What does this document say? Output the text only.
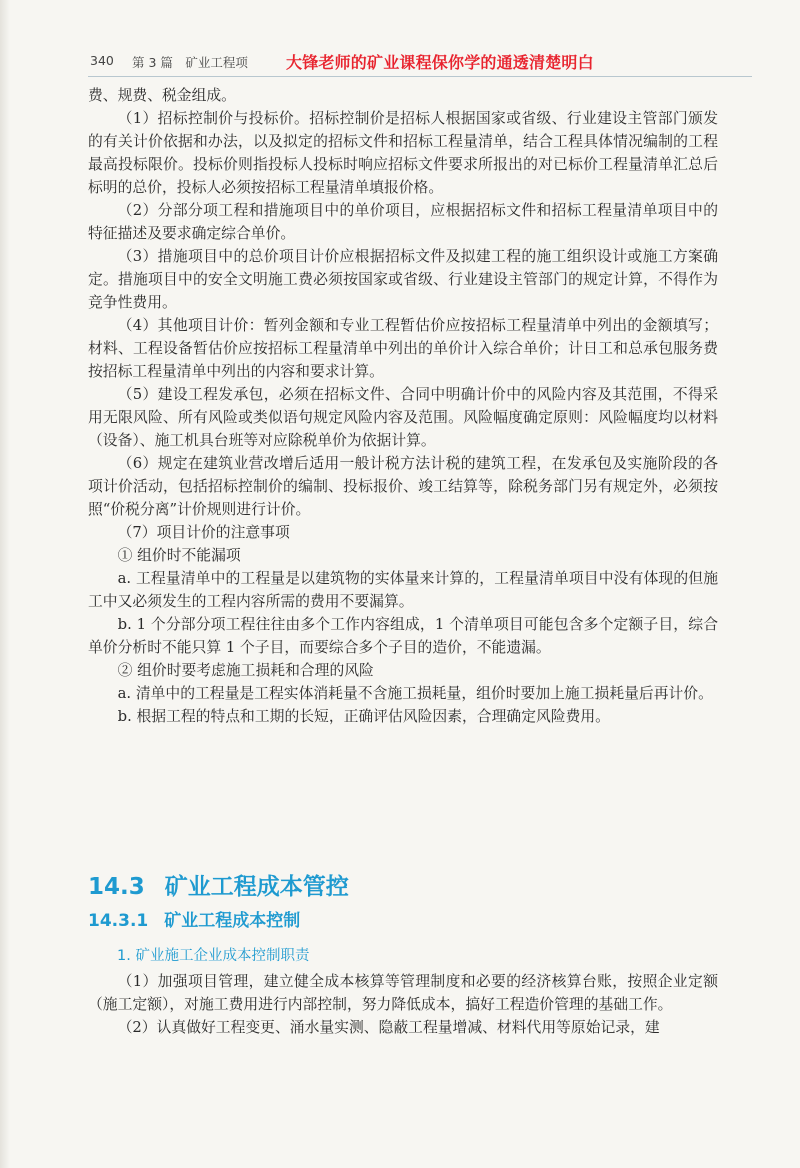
340 第 3 篇　矿业工程项 大锋老师的矿业课程保你学的通透清楚明白

费、规费、税金组成。

（1）招标控制价与投标价。招标控制价是招标人根据国家或省级、行业建设主管部门颁发的有关计价依据和办法，以及拟定的招标文件和招标工程量清单，结合工程具体情况编制的工程最高投标限价。投标价则指投标人投标时响应招标文件要求所报出的对已标价工程量清单汇总后标明的总价，投标人必须按招标工程量清单填报价格。

（2）分部分项工程和措施项目中的单价项目，应根据招标文件和招标工程量清单项目中的特征描述及要求确定综合单价。

（3）措施项目中的总价项目计价应根据招标文件及拟建工程的施工组织设计或施工方案确定。措施项目中的安全文明施工费必须按国家或省级、行业建设主管部门的规定计算，不得作为竞争性费用。

（4）其他项目计价：暂列金额和专业工程暂估价应按招标工程量清单中列出的金额填写；材料、工程设备暂估价应按招标工程量清单中列出的单价计入综合单价；计日工和总承包服务费按招标工程量清单中列出的内容和要求计算。

（5）建设工程发承包，必须在招标文件、合同中明确计价中的风险内容及其范围，不得采用无限风险、所有风险或类似语句规定风险内容及范围。风险幅度确定原则：风险幅度均以材料（设备）、施工机具台班等对应除税单价为依据计算。

（6）规定在建筑业营改增后适用一般计税方法计税的建筑工程，在发承包及实施阶段的各项计价活动，包括招标控制价的编制、投标报价、竣工结算等，除税务部门另有规定外，必须按照“价税分离”计价规则进行计价。

（7）项目计价的注意事项

① 组价时不能漏项

a. 工程量清单中的工程量是以建筑物的实体量来计算的，工程量清单项目中没有体现的但施工中又必须发生的工程内容所需的费用不要漏算。

b. 1 个分部分项工程往往由多个工作内容组成，1 个清单项目可能包含多个定额子目，综合单价分析时不能只算 1 个子目，而要综合多个子目的造价，不能遗漏。

② 组价时要考虑施工损耗和合理的风险

a. 清单中的工程量是工程实体消耗量不含施工损耗量，组价时要加上施工损耗量后再计价。

b. 根据工程的特点和工期的长短，正确评估风险因素，合理确定风险费用。

14.3 矿业工程成本管控
14.3.1 矿业工程成本控制
1. 矿业施工企业成本控制职责

（1）加强项目管理，建立健全成本核算等管理制度和必要的经济核算台账，按照企业定额（施工定额），对施工费用进行内部控制，努力降低成本，搞好工程造价管理的基础工作。

（2）认真做好工程变更、涌水量实测、隐蔽工程量增减、材料代用等原始记录，建
